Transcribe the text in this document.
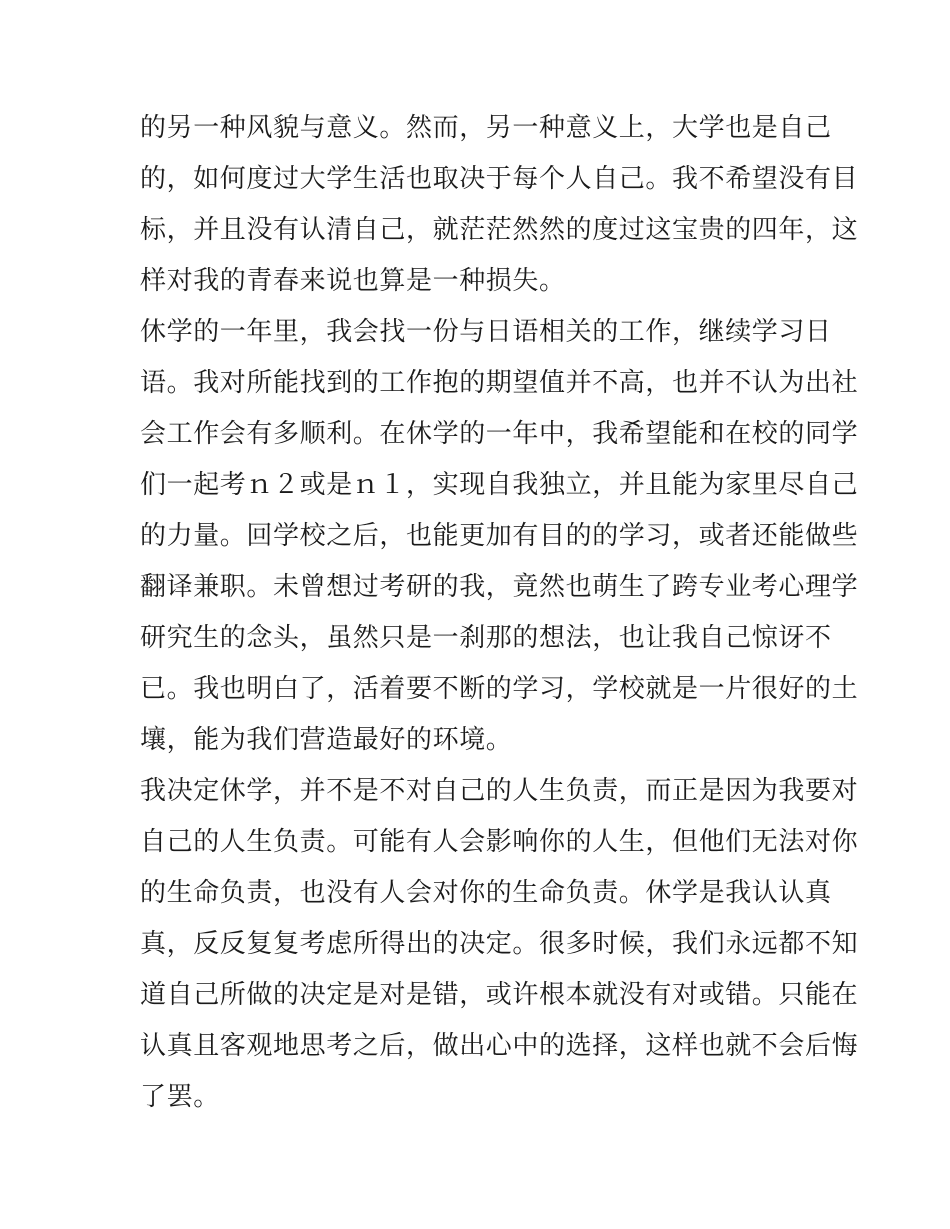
的另一种风貌与意义。然而，另一种意义上，大学也是自己
的，如何度过大学生活也取决于每个人自己。我不希望没有目
标，并且没有认清自己，就茫茫然然的度过这宝贵的四年，这
样对我的青春来说也算是一种损失。
休学的一年里，我会找一份与日语相关的工作，继续学习日
语。我对所能找到的工作抱的期望值并不高，也并不认为出社
会工作会有多顺利。在休学的一年中，我希望能和在校的同学
们一起考ｎ２或是ｎ１，实现自我独立，并且能为家里尽自己
的力量。回学校之后，也能更加有目的的学习，或者还能做些
翻译兼职。未曾想过考研的我，竟然也萌生了跨专业考心理学
研究生的念头，虽然只是一刹那的想法，也让我自己惊讶不
已。我也明白了，活着要不断的学习，学校就是一片很好的土
壤，能为我们营造最好的环境。
我决定休学，并不是不对自己的人生负责，而正是因为我要对
自己的人生负责。可能有人会影响你的人生，但他们无法对你
的生命负责，也没有人会对你的生命负责。休学是我认认真
真，反反复复考虑所得出的决定。很多时候，我们永远都不知
道自己所做的决定是对是错，或许根本就没有对或错。只能在
认真且客观地思考之后，做出心中的选择，这样也就不会后悔
了罢。
